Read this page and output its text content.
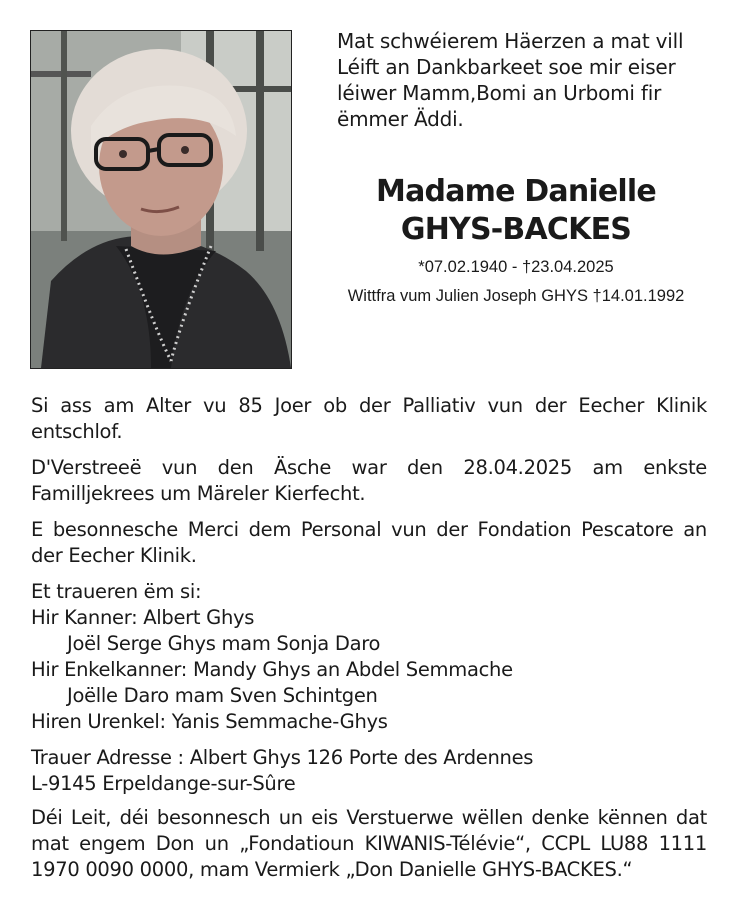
Mat schwéierem Häerzen a mat vill
Léift an Dankbarkeet soe mir eiser
léiwer Mamm,Bomi an Urbomi fir
ëmmer Äddi.
Madame Danielle
GHYS-BACKES
*07.02.1940 - †23.04.2025
Wittfra vum Julien Joseph GHYS †14.01.1992

Si ass am Alter vu 85 Joer ob der Palliativ vun der Eecher Klinik entschlof.

D'Verstreeë vun den Äsche war den 28.04.2025 am enkste Familljekrees um Märeler Kierfecht.

E besonnesche Merci dem Personal vun der Fondation Pescatore an der Eecher Klinik.

Et traueren ëm si:
Hir Kanner: Albert Ghys
Joël Serge Ghys mam Sonja Daro
Hir Enkelkanner: Mandy Ghys an Abdel Semmache
Joëlle Daro mam Sven Schintgen
Hiren Urenkel: Yanis Semmache-Ghys
Trauer Adresse : Albert Ghys 126 Porte des Ardennes
L-9145 Erpeldange-sur-Sûre

Déi Leit, déi besonnesch un eis Verstuerwe wëllen denke kënnen dat mat engem Don un „Fondatioun KIWANIS-Télévie“, CCPL LU88 1111 1970 0090 0000, mam Vermierk „Don Danielle GHYS-BACKES.“
